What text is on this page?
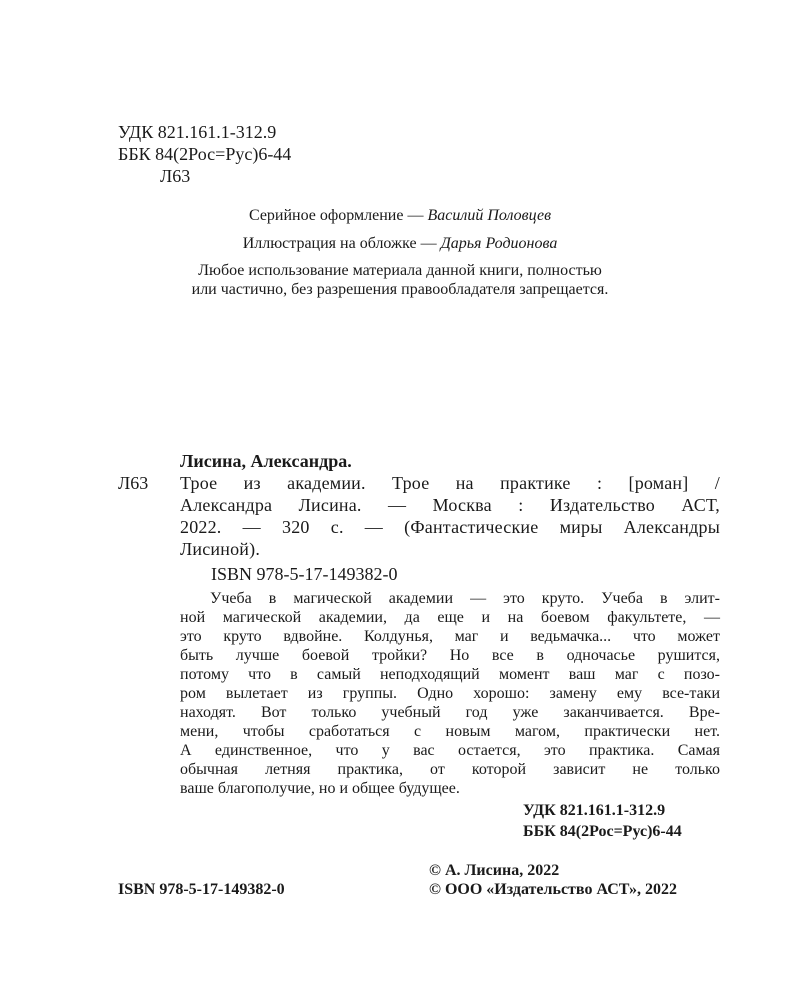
УДК 821.161.1-312.9
ББК 84(2Рос=Рус)6-44
Л63
Серийное оформление — Василий Половцев
Иллюстрация на обложке — Дарья Родионова
Любое использование материала данной книги, полностью
или частично, без разрешения правообладателя запрещается.
Лисина, Александра.
Л63 Трое из академии. Трое на практике : [роман] /
Александра Лисина. — Москва : Издательство АСТ,
2022. — 320 с. — (Фантастические миры Александры
Лисиной).
ISBN 978-5-17-149382-0
Учеба в магической академии — это круто. Учеба в элит-
ной магической академии, да еще и на боевом факультете, —
это круто вдвойне. Колдунья, маг и ведьмачка... что может
быть лучше боевой тройки? Но все в одночасье рушится,
потому что в самый неподходящий момент ваш маг с позо-
ром вылетает из группы. Одно хорошо: замену ему все-таки
находят. Вот только учебный год уже заканчивается. Вре-
мени, чтобы сработаться с новым магом, практически нет.
А единственное, что у вас остается, это практика. Самая
обычная летняя практика, от которой зависит не только
ваше благополучие, но и общее будущее.
УДК 821.161.1-312.9
ББК 84(2Рос=Рус)6-44
© А. Лисина, 2022
ISBN 978-5-17-149382-0	© ООО «Издательство АСТ», 2022
